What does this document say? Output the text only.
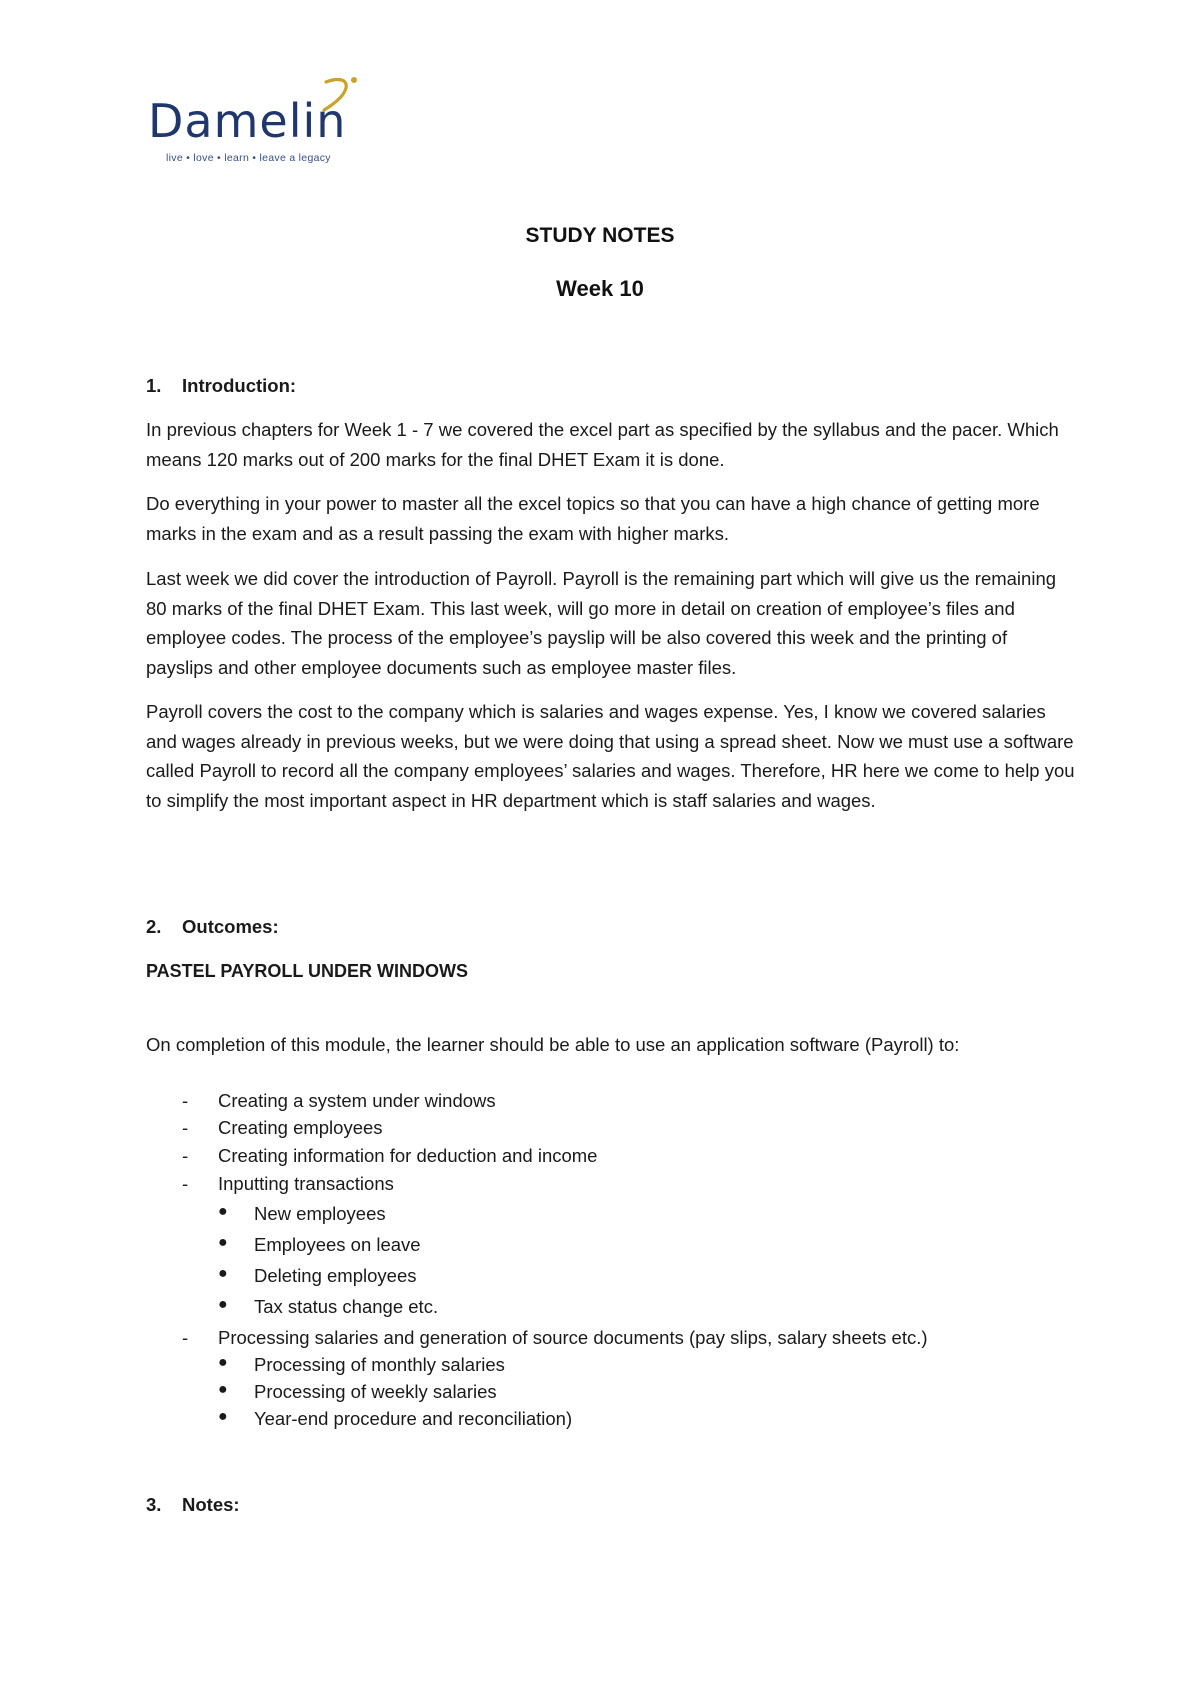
Damelin
live • love • learn • leave a legacy
STUDY NOTES
Week 10
1. Introduction:
In previous chapters for Week 1 - 7 we covered the excel part as specified by the syllabus and the pacer. Which means 120 marks out of 200 marks for the final DHET Exam it is done.
Do everything in your power to master all the excel topics so that you can have a high chance of getting more marks in the exam and as a result passing the exam with higher marks.
Last week we did cover the introduction of Payroll. Payroll is the remaining part which will give us the remaining 80 marks of the final DHET Exam. This last week, will go more in detail on creation of employee’s files and employee codes. The process of the employee’s payslip will be also covered this week and the printing of payslips and other employee documents such as employee master files.
Payroll covers the cost to the company which is salaries and wages expense. Yes, I know we covered salaries and wages already in previous weeks, but we were doing that using a spread sheet. Now we must use a software called Payroll to record all the company employees’ salaries and wages. Therefore, HR here we come to help you to simplify the most important aspect in HR department which is staff salaries and wages.
2. Outcomes:
PASTEL PAYROLL UNDER WINDOWS
On completion of this module, the learner should be able to use an application software (Payroll) to:
- Creating a system under windows
- Creating employees
- Creating information for deduction and income
- Inputting transactions
● New employees
● Employees on leave
● Deleting employees
● Tax status change etc.
- Processing salaries and generation of source documents (pay slips, salary sheets etc.)
● Processing of monthly salaries
● Processing of weekly salaries
● Year-end procedure and reconciliation)
3. Notes:
